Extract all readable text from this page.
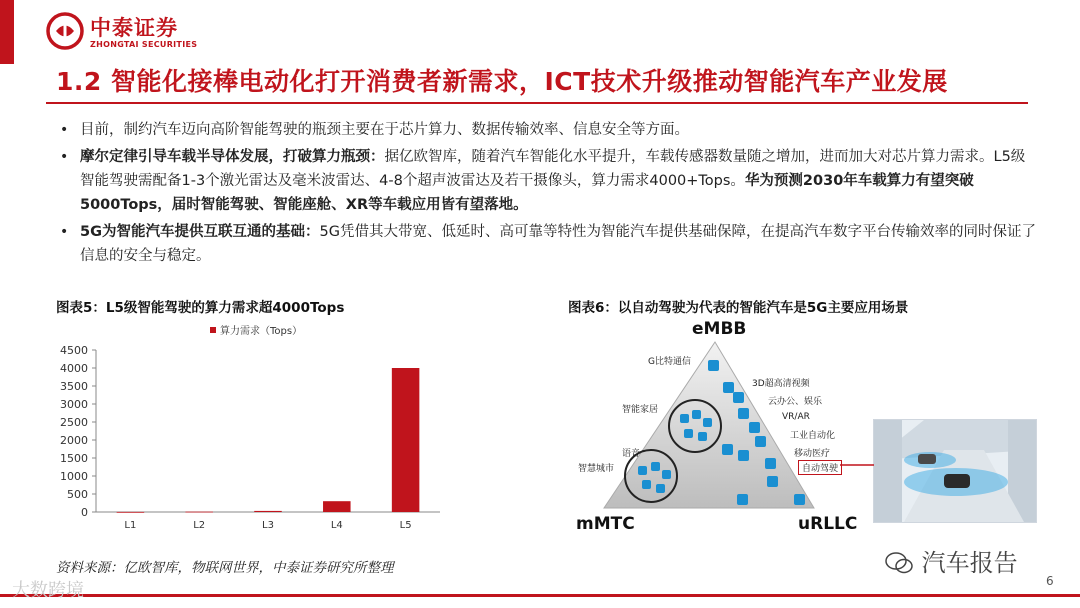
中泰证券
ZHONGTAI SECURITIES
1.2 智能化接棒电动化打开消费者新需求，ICT技术升级推动智能汽车产业发展
• 目前，制约汽车迈向高阶智能驾驶的瓶颈主要在于芯片算力、数据传输效率、信息安全等方面。
• 摩尔定律引导车载半导体发展，打破算力瓶颈：据亿欧智库，随着汽车智能化水平提升，车载传感器数量随之增加，进而加大对芯片算力需求。L5级智能驾驶需配备1-3个激光雷达及毫米波雷达、4-8个超声波雷达及若干摄像头，算力需求4000+Tops。华为预测2030年车载算力有望突破5000Tops，届时智能驾驶、智能座舱、XR等车载应用皆有望落地。
• 5G为智能汽车提供互联互通的基础：5G凭借其大带宽、低延时、高可靠等特性为智能汽车提供基础保障，在提高汽车数字平台传输效率的同时保证了信息的安全与稳定。
图表5：L5级智能驾驶的算力需求超4000Tops
算力需求（Tops）
0
500
1000
1500
2000
2500
3000
3500
4000
4500
L1	L2	L3	L4	L5
图表6：以自动驾驶为代表的智能汽车是5G主要应用场景
eMBB
mMTC	uRLLC
G比特通信
3D超高清视频
智能家居
云办公、娱乐
VR/AR
语音
工业自动化
智慧城市
移动医疗
自动驾驶
资料来源：亿欧智库，物联网世界，中泰证券研究所整理	汽车报告
6
大数跨境
